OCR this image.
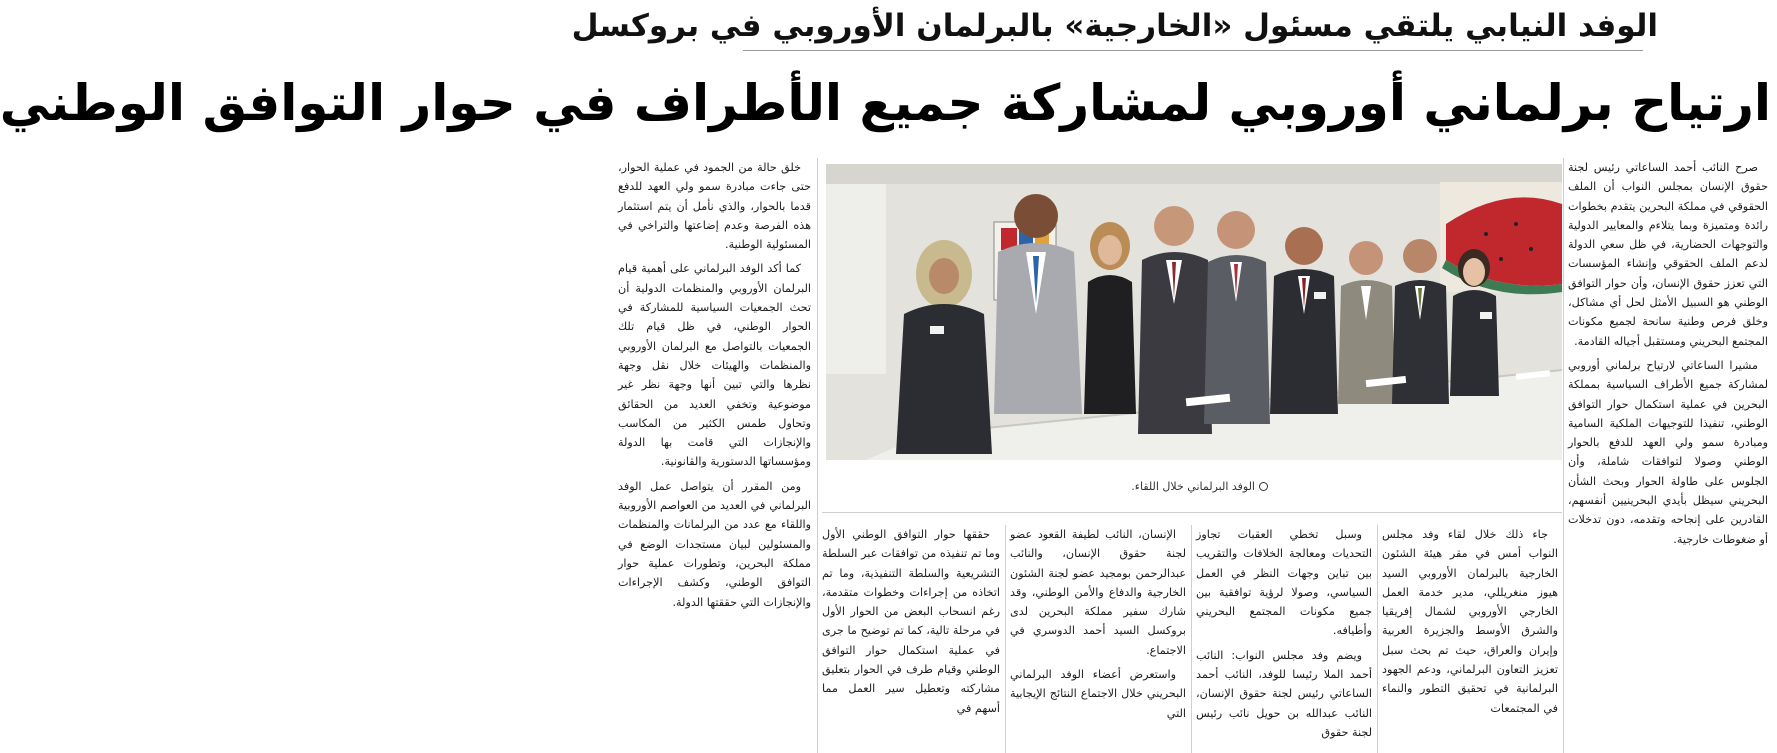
الوفد النيابي يلتقي مسئول «الخارجية» بالبرلمان الأوروبي في بروكسل
ارتياح برلماني أوروبي لمشاركة جميع الأطراف في حوار التوافق الوطني

صرح النائب أحمد الساعاتي رئيس لجنة حقوق الإنسان بمجلس النواب أن الملف الحقوقي في مملكة البحرين يتقدم بخطوات رائدة ومتميزة وبما يتلاءم والمعايير الدولية والتوجهات الحضارية، في ظل سعي الدولة لدعم الملف الحقوقي وإنشاء المؤسسات التي تعزز حقوق الإنسان، وأن حوار التوافق الوطني هو السبيل الأمثل لحل أي مشاكل، وخلق فرص وطنية سانحة لجميع مكونات المجتمع البحريني ومستقبل أجياله القادمة.

مشيرا الساعاتي لارتياح برلماني أوروبي لمشاركة جميع الأطراف السياسية بمملكة البحرين في عملية استكمال حوار التوافق الوطني، تنفيذا للتوجيهات الملكية السامية ومبادرة سمو ولي العهد للدفع بالحوار الوطني وصولا لتوافقات شاملة، وأن الجلوس على طاولة الحوار وبحث الشأن البحريني سيظل بأيدي البحرينيين أنفسهم، القادرين على إنجاحه وتقدمه، دون تدخلات أو ضغوطات خارجية.

خلق حالة من الجمود في عملية الحوار، حتى جاءت مبادرة سمو ولي العهد للدفع قدما بالحوار، والذي نأمل أن يتم استثمار هذه الفرصة وعدم إضاعتها والتراخي في المسئولية الوطنية.

كما أكد الوفد البرلماني على أهمية قيام البرلمان الأوروبي والمنظمات الدولية أن تحث الجمعيات السياسية للمشاركة في الحوار الوطني، في ظل قيام تلك الجمعيات بالتواصل مع البرلمان الأوروبي والمنظمات والهيئات خلال نقل وجهة نظرها والتي تبين أنها وجهة نظر غير موضوعية وتخفي العديد من الحقائق وتحاول طمس الكثير من المكاسب والإنجازات التي قامت بها الدولة ومؤسساتها الدستورية والقانونية.

ومن المقرر أن يتواصل عمل الوفد البرلماني في العديد من العواصم الأوروبية واللقاء مع عدد من البرلمانات والمنظمات والمسئولين لبيان مستجدات الوضع في مملكة البحرين، وتطورات عملية حوار التوافق الوطني، وكشف الإجراءات والإنجازات التي حققتها الدولة.

الوفد البرلماني خلال اللقاء.

جاء ذلك خلال لقاء وفد مجلس النواب أمس في مقر هيئة الشئون الخارجية بالبرلمان الأوروبي السيد هيوز منغريللي، مدير خدمة العمل الخارجي الأوروبي لشمال إفريقيا والشرق الأوسط والجزيرة العربية وإيران والعراق، حيث تم بحث سبل تعزيز التعاون البرلماني، ودعم الجهود البرلمانية في تحقيق التطور والنماء في المجتمعات

وسبل تخطي العقبات تجاوز التحديات ومعالجة الخلافات والتقريب بين تباين وجهات النظر في العمل السياسي، وصولا لرؤية توافقية بين جميع مكونات المجتمع البحريني وأطيافه.

ويضم وفد مجلس النواب: النائب أحمد الملا رئيسا للوفد، النائب أحمد الساعاتي رئيس لجنة حقوق الإنسان، النائب عبدالله بن حويل نائب رئيس لجنة حقوق

الإنسان، النائب لطيفة القعود عضو لجنة حقوق الإنسان، والنائب عبدالرحمن بومجيد عضو لجنة الشئون الخارجية والدفاع والأمن الوطني، وقد شارك سفير مملكة البحرين لدى بروكسل السيد أحمد الدوسري في الاجتماع.

واستعرض أعضاء الوفد البرلماني البحريني خلال الاجتماع النتائج الإيجابية التي

حققها حوار التوافق الوطني الأول وما تم تنفيذه من توافقات عبر السلطة التشريعية والسلطة التنفيذية، وما تم اتخاذه من إجراءات وخطوات متقدمة، رغم انسحاب البعض من الحوار الأول في مرحلة تالية، كما تم توضيح ما جرى في عملية استكمال حوار التوافق الوطني وقيام طرف في الحوار بتعليق مشاركته وتعطيل سير العمل مما أسهم في
